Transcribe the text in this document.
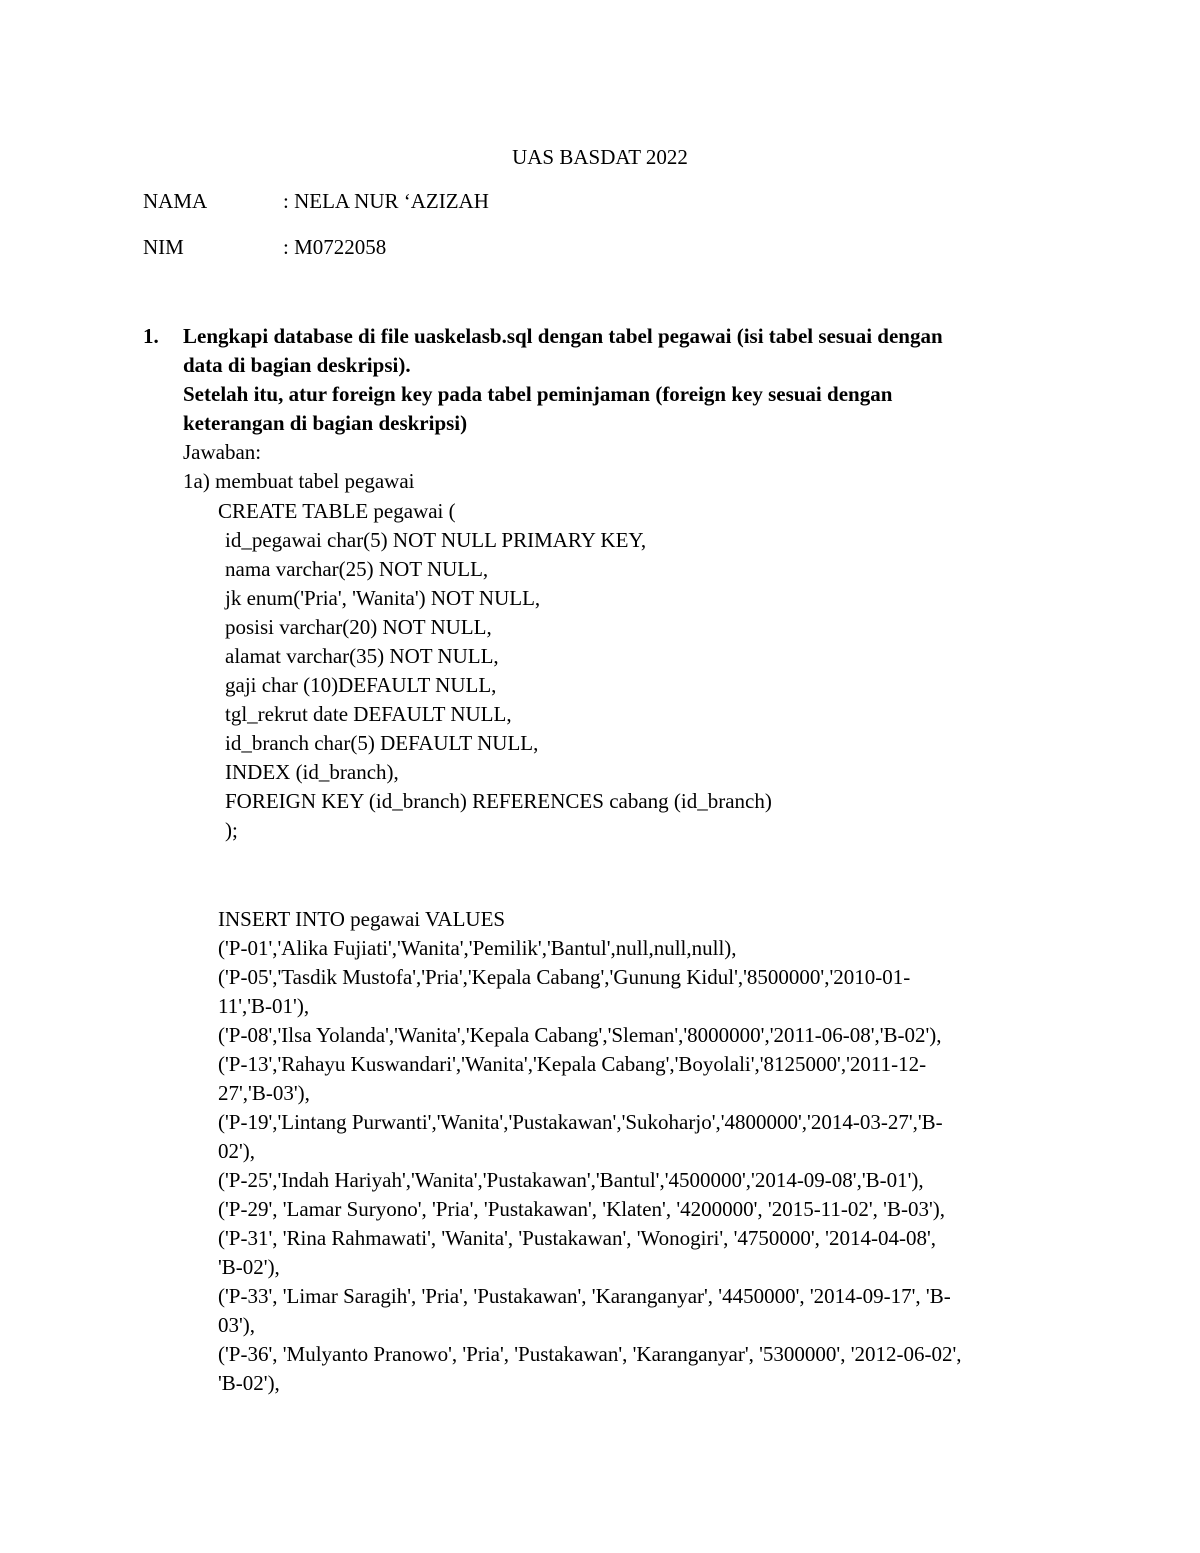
UAS BASDAT 2022
NAMA	: NELA NUR ‘AZIZAH
NIM	: M0722058
1. Lengkapi database di file uaskelasb.sql dengan tabel pegawai (isi tabel sesuai dengan
data di bagian deskripsi).
Setelah itu, atur foreign key pada tabel peminjaman (foreign key sesuai dengan
keterangan di bagian deskripsi)
Jawaban:
1a) membuat tabel pegawai
CREATE TABLE pegawai (
id_pegawai char(5) NOT NULL PRIMARY KEY,
nama varchar(25) NOT NULL,
jk enum('Pria', 'Wanita') NOT NULL,
posisi varchar(20) NOT NULL,
alamat varchar(35) NOT NULL,
gaji char (10)DEFAULT NULL,
tgl_rekrut date DEFAULT NULL,
id_branch char(5) DEFAULT NULL,
INDEX (id_branch),
FOREIGN KEY (id_branch) REFERENCES cabang (id_branch)
);
INSERT INTO pegawai VALUES
('P-01','Alika Fujiati','Wanita','Pemilik','Bantul',null,null,null),
('P-05','Tasdik Mustofa','Pria','Kepala Cabang','Gunung Kidul','8500000','2010-01-
11','B-01'),
('P-08','Ilsa Yolanda','Wanita','Kepala Cabang','Sleman','8000000','2011-06-08','B-02'),
('P-13','Rahayu Kuswandari','Wanita','Kepala Cabang','Boyolali','8125000','2011-12-
27','B-03'),
('P-19','Lintang Purwanti','Wanita','Pustakawan','Sukoharjo','4800000','2014-03-27','B-
02'),
('P-25','Indah Hariyah','Wanita','Pustakawan','Bantul','4500000','2014-09-08','B-01'),
('P-29', 'Lamar Suryono', 'Pria', 'Pustakawan', 'Klaten', '4200000', '2015-11-02', 'B-03'),
('P-31', 'Rina Rahmawati', 'Wanita', 'Pustakawan', 'Wonogiri', '4750000', '2014-04-08',
'B-02'),
('P-33', 'Limar Saragih', 'Pria', 'Pustakawan', 'Karanganyar', '4450000', '2014-09-17', 'B-
03'),
('P-36', 'Mulyanto Pranowo', 'Pria', 'Pustakawan', 'Karanganyar', '5300000', '2012-06-02',
'B-02'),
